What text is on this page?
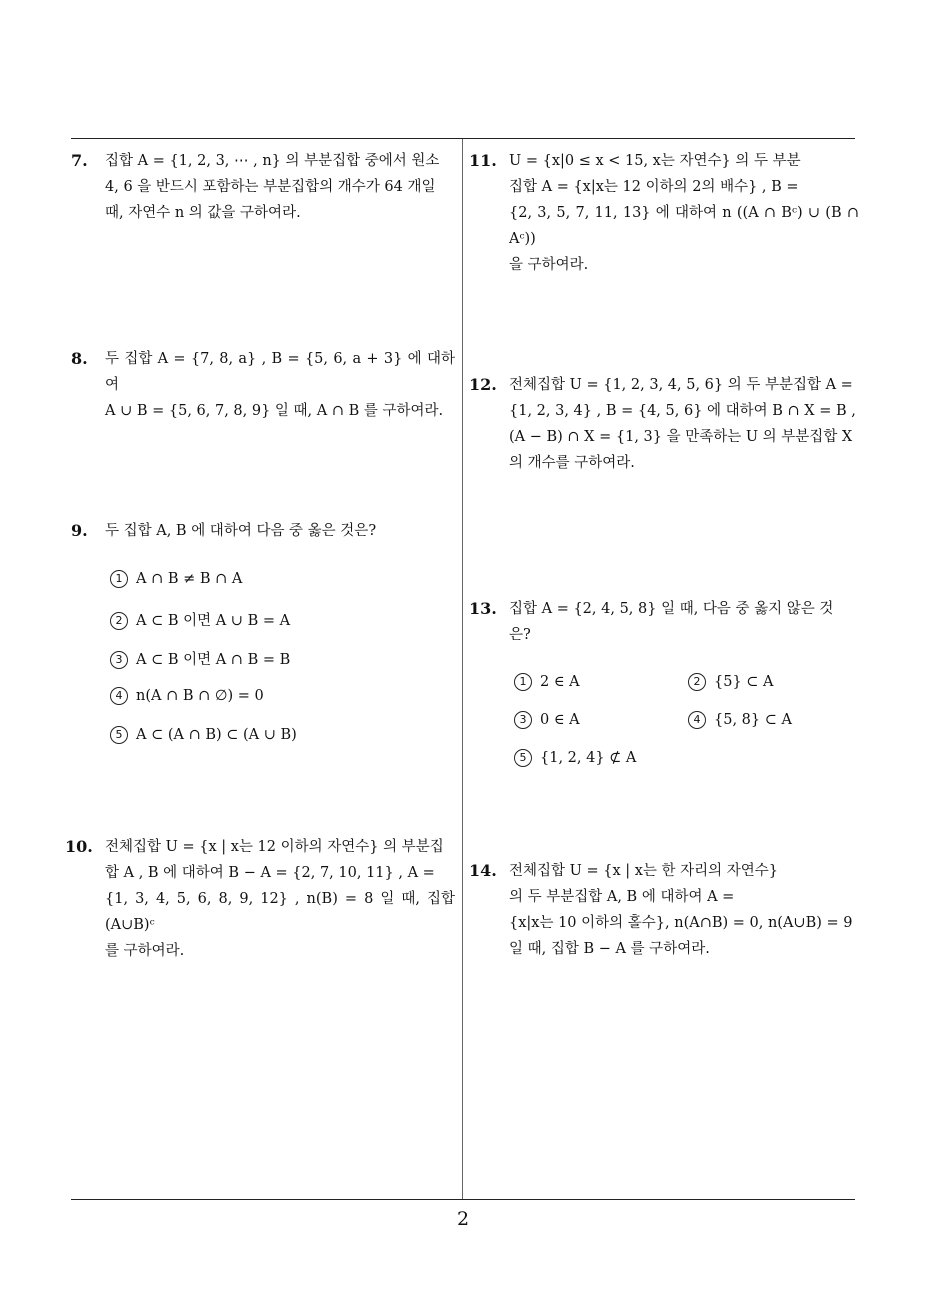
7. 집합 A = {1, 2, 3, ⋯ , n} 의 부분집합 중에서 원소
4, 6 을 반드시 포함하는 부분집합의 개수가 64 개일
때, 자연수 n 의 값을 구하여라.
8. 두 집합 A = {7, 8, a} , B = {5, 6, a + 3} 에 대하여
A ∪ B = {5, 6, 7, 8, 9} 일 때, A ∩ B 를 구하여라.
9. 두 집합 A, B 에 대하여 다음 중 옳은 것은?
1 A ∩ B ≠ B ∩ A
2 A ⊂ B 이면 A ∪ B = A
3 A ⊂ B 이면 A ∩ B = B
4 n(A ∩ B ∩ ∅) = 0
5 A ⊂ (A ∩ B) ⊂ (A ∪ B)
10. 전체집합 U = {x | x는 12 이하의 자연수} 의 부분집
합 A , B 에 대하여 B − A = {2, 7, 10, 11} , A =
{1, 3, 4, 5, 6, 8, 9, 12} , n(B) = 8 일 때, 집합 (A∪B)ᶜ
를 구하여라.
11. U = {x|0 ≤ x < 15, x는 자연수} 의 두 부분
집합 A = {x|x는 12 이하의 2의 배수} , B =
{2, 3, 5, 7, 11, 13} 에 대하여 n ((A ∩ Bᶜ) ∪ (B ∩ Aᶜ))
을 구하여라.
12. 전체집합 U = {1, 2, 3, 4, 5, 6} 의 두 부분집합 A =
{1, 2, 3, 4} , B = {4, 5, 6} 에 대하여 B ∩ X = B ,
(A − B) ∩ X = {1, 3} 을 만족하는 U 의 부분집합 X
의 개수를 구하여라.
13. 집합 A = {2, 4, 5, 8} 일 때, 다음 중 옳지 않은 것
은?
1 2 ∈ A	2 {5} ⊂ A
3 0 ∈ A	4 {5, 8} ⊂ A
5 {1, 2, 4} ⊄ A
14. 전체집합 U = {x | x는 한 자리의 자연수}
의 두 부분집합 A, B 에 대하여 A =
{x|x는 10 이하의 홀수}, n(A∩B) = 0, n(A∪B) = 9
일 때, 집합 B − A 를 구하여라.
2
